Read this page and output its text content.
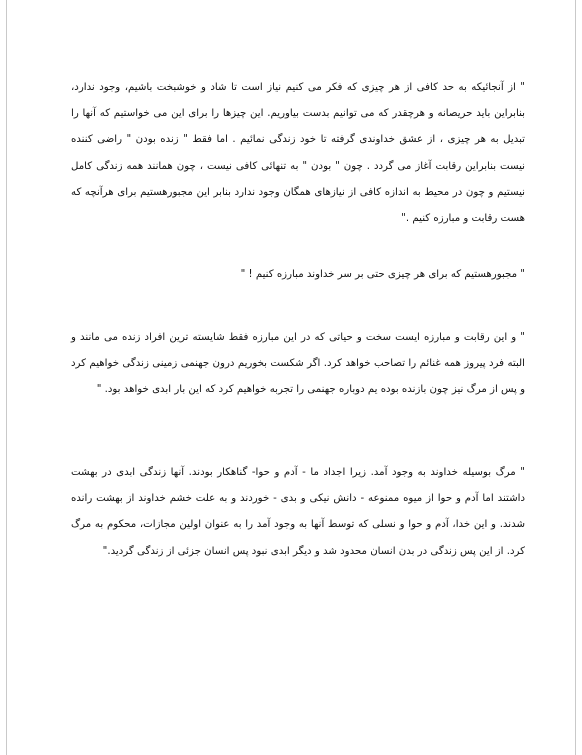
" از آنجائیکه به حد کافی از هر چیزی که فکر می کنیم نیاز است تا شاد و خوشبخت باشیم، وجود ندارد، بنابراین باید حریصانه و هرچقدر که می توانیم بدست بیاوریم. این چیزها را برای این می خواستیم که آنها را تبدیل به هر چیزی ، از عشق خداوندی گرفته تا خود زندگی نمائیم . اما فقط " زنده بودن " راضی کننده نیست بنابراین رقابت آغاز می گردد . چون " بودن " به تنهائی کافی نیست ، چون همانند همه زندگی کامل نیستیم و چون در محیط به اندازه کافی از نیازهای همگان وجود ندارد بنابر این مجبورهستیم برای هرآنچه که هست رقابت و مبارزه کنیم ."

" مجبورهستیم که برای هر چیزی حتی بر سر خداوند مبارزه کنیم ! "

" و این رقابت و مبارزه ایست سخت و حیاتی که در این مبارزه فقط شایسته ترین افراد زنده می مانند و البته فرد پیروز همه غنائم را تصاحب خواهد کرد. اگر شکست بخوریم درون جهنمی زمینی زندگی خواهیم کرد و پس از مرگ نیز چون بازنده بوده یم دوباره جهنمی را تجربه خواهیم کرد که این بار ابدی خواهد بود. "

" مرگ بوسیله خداوند به وجود آمد. زیرا اجداد ما - آدم و حوا- گناهکار بودند. آنها زندگی ابدی در بهشت داشتند اما آدم و حوا از میوه ممنوعه - دانش نیکی و بدی - خوردند و به علت خشم خداوند از بهشت رانده شدند. و این خدا، آدم و حوا و نسلی که توسط آنها به وجود آمد را به عنوان اولین مجازات، محکوم به مرگ کرد. از این پس زندگی در بدن انسان محدود شد و دیگر ابدی نبود پس انسان جزئی از زندگی گردید."
